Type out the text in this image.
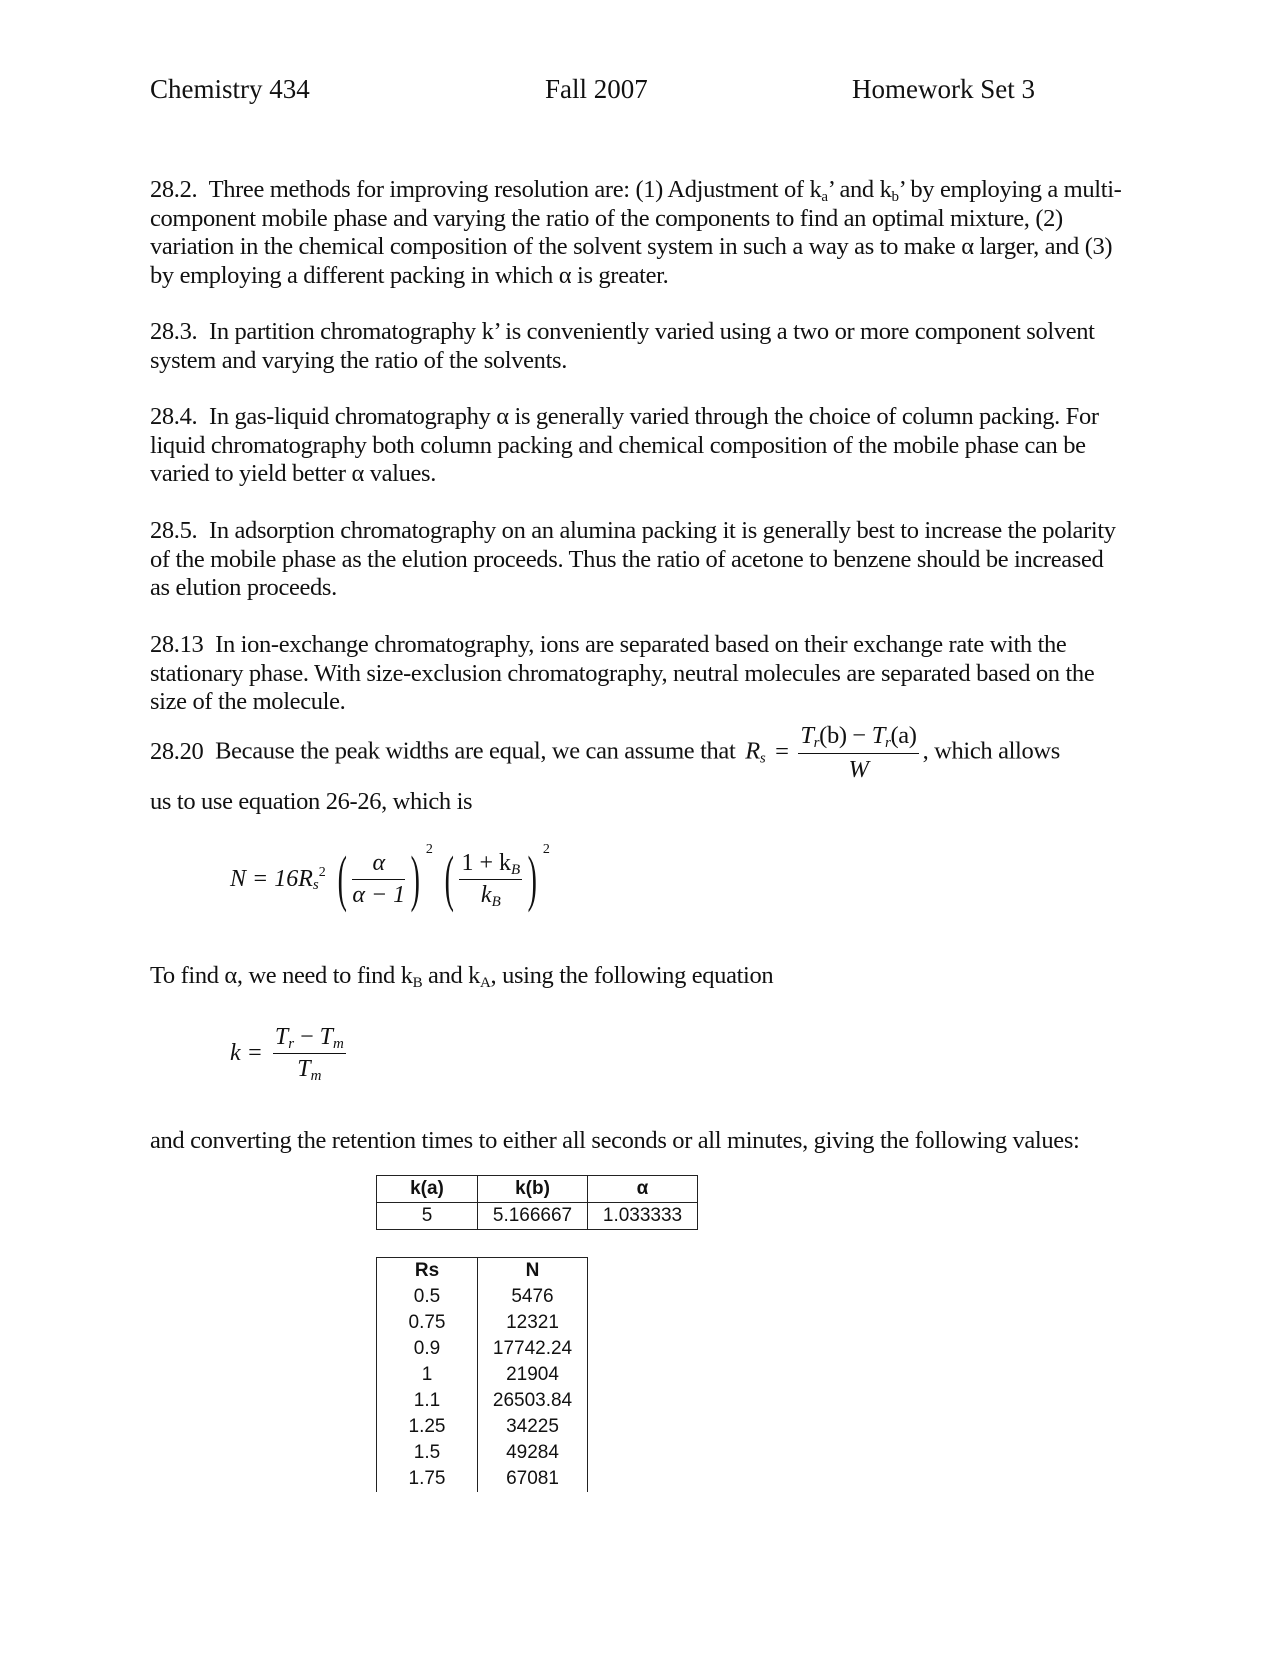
Chemistry 434	Fall 2007	Homework Set 3
28.2. Three methods for improving resolution are: (1) Adjustment of $k_a$’ and $k_b$’ by employing a multi-component mobile phase and varying the ratio of the components to find an optimal mixture, (2) variation in the chemical composition of the solvent system in such a way as to make α larger, and (3) by employing a different packing in which α is greater.
28.3. In partition chromatography k’ is conveniently varied using a two or more component solvent system and varying the ratio of the solvents.
28.4. In gas-liquid chromatography α is generally varied through the choice of column packing. For liquid chromatography both column packing and chemical composition of the mobile phase can be varied to yield better α values.
28.5. In adsorption chromatography on an alumina packing it is generally best to increase the polarity of the mobile phase as the elution proceeds. Thus the ratio of acetone to benzene should be increased as elution proceeds.
28.13 In ion-exchange chromatography, ions are separated based on their exchange rate with the stationary phase. With size-exclusion chromatography, neutral molecules are separated based on the size of the molecule.
28.20 Because the peak widths are equal, we can assume that $R_s = \frac{T_r(b) - T_r(a)}{W}$ , which allows
us to use equation 26-26, which is
$N = 16R_s^2$ ( $\frac{\alpha}{\alpha - 1}$ ) $^2$ ( $\frac{1 + k_B}{k_B}$ ) $^2$
To find α, we need to find $k_B$ and $k_A$, using the following equation
$k = \frac{T_r - T_m}{T_m}$
and converting the retention times to either all seconds or all minutes, giving the following values:
k(a)	k(b)	α
5	5.166667	1.033333
Rs	N
0.5	5476
0.75	12321
0.9	17742.24
1	21904
1.1	26503.84
1.25	34225
1.5	49284
1.75	67081
